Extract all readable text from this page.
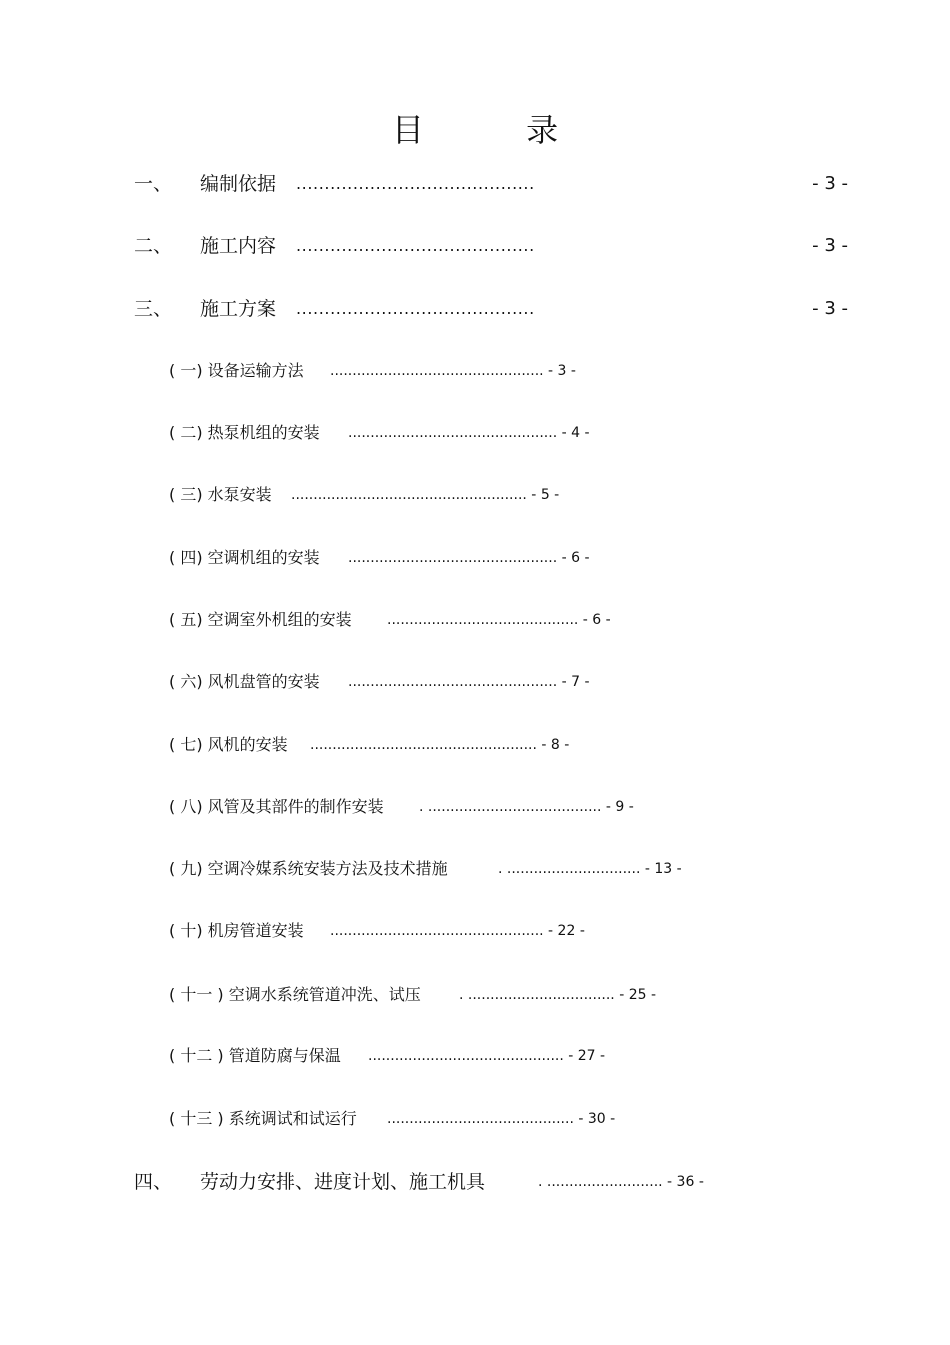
目 录
一、 编制依据 ..........................................	- 3 -
二、 施工内容 ..........................................	- 3 -
三、 施工方案 ..........................................	- 3 -
( 一) 设备运输方法 ................................................ - 3 -
( 二) 热泵机组的安装 ............................................... - 4 -
( 三) 水泵安装 ..................................................... - 5 -
( 四) 空调机组的安装 ............................................... - 6 -
( 五) 空调室外机组的安装	........................................... - 6 -
( 六) 风机盘管的安装 ............................................... - 7 -
( 七) 风机的安装 ................................................... - 8 -
( 八) 风管及其部件的制作安装	. ....................................... - 9 -
( 九) 空调冷媒系统安装方法及技术措施	. .............................. - 13 -
( 十) 机房管道安装 ................................................ - 22 -
( 十一 ) 空调水系统管道冲洗、试压	. ................................. - 25 -
( 十二 ) 管道防腐与保温 ............................................ - 27 -
( 十三 ) 系统调试和试运行 .......................................... - 30 -
四、 劳动力安排、进度计划、施工机具	. .......................... - 36 -
